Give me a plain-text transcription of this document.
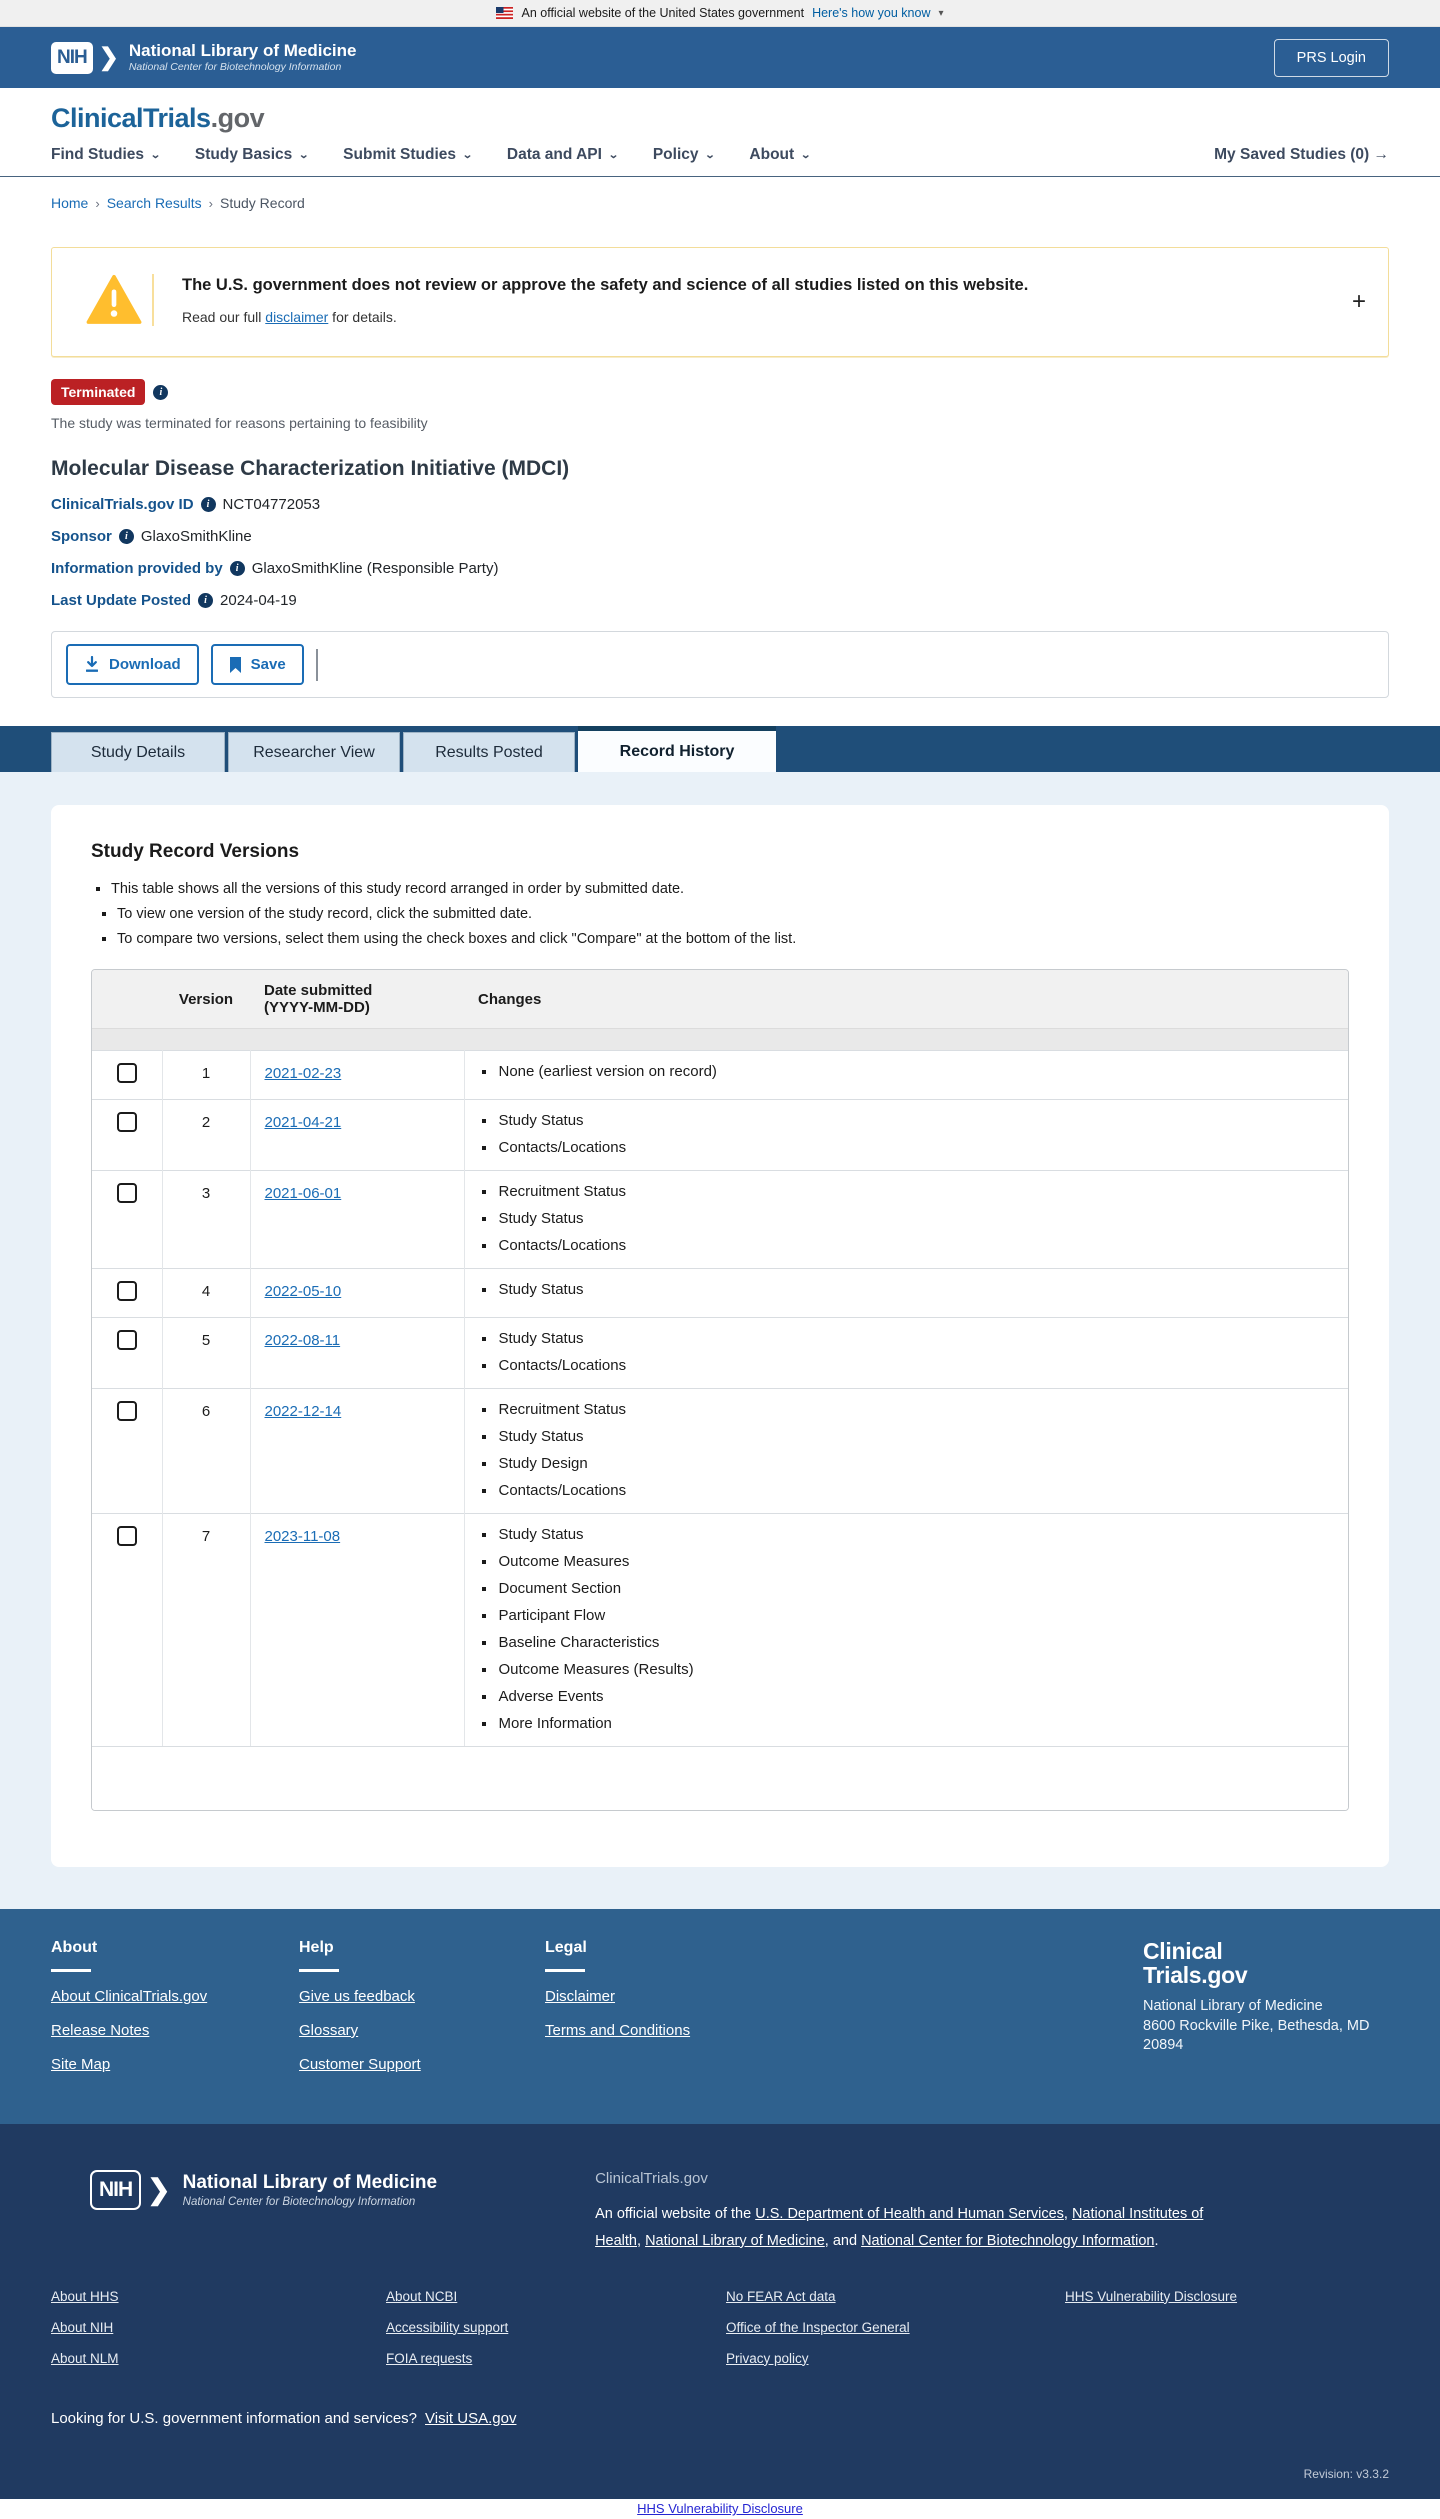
An official website of the United States government Here's how you know ▾
NIH ❯ National Library of Medicine
National Center for Biotechnology Information
PRS Login
ClinicalTrials.gov
Find Studies ⌄ Study Basics ⌄ Submit Studies ⌄ Data and API ⌄ Policy ⌄ About ⌄	My Saved Studies (0) →
Home › Search Results › Study Record
The U.S. government does not review or approve the safety and science of all studies listed on this website.
Read our full disclaimer for details.
+
Terminated	i
The study was terminated for reasons pertaining to feasibility
Molecular Disease Characterization Initiative (MDCI)
ClinicalTrials.gov ID	i NCT04772053
Sponsor	i GlaxoSmithKline
Information provided by	i GlaxoSmithKline (Responsible Party)
Last Update Posted	i 2024-04-19
Download	Save
Study Details	Researcher View	Results Posted	Record History
Study Record Versions
▪ This table shows all the versions of this study record arranged in order by submitted date.
▪ To view one version of the study record, click the submitted date.
▪ To compare two versions, select them using the check boxes and click "Compare" at the bottom of the list.
	Version	Date submitted
(YYYY-MM-DD)	Changes

	1	2021-02-23	
▪None (earliest version on record)

	2	2021-04-21	
▪Study Status
▪ Contacts/Locations

	3	2021-06-01	
▪Recruitment Status
▪ Study Status
▪ Contacts/Locations

	4	2022-05-10	
▪Study Status

	5	2022-08-11	
▪Study Status
▪ Contacts/Locations

	6	2022-12-14	
▪Recruitment Status
▪ Study Status
▪ Study Design
▪ Contacts/Locations

	7	2023-11-08	
▪Study Status
▪ Outcome Measures
▪ Document Section
▪ Participant Flow
▪ Baseline Characteristics
▪ Outcome Measures (Results)
▪ Adverse Events
▪ More Information
About
About ClinicalTrials.gov
Release Notes
Site Map
Help
Give us feedback
Glossary
Customer Support
Legal
Disclaimer
Terms and Conditions
Clinical
Trials.gov
National Library of Medicine
8600 Rockville Pike, Bethesda, MD
20894
NIH ❯ National Library of Medicine
National Center for Biotechnology Information
ClinicalTrials.gov
An official website of the U.S. Department of Health and Human Services, National Institutes of Health, National Library of Medicine, and National Center for Biotechnology Information.
About HHS
About NIH
About NLM
About NCBI
Accessibility support
FOIA requests
No FEAR Act data
Office of the Inspector General
Privacy policy
HHS Vulnerability Disclosure
Looking for U.S. government information and services? Visit USA.gov
Revision: v3.3.2
HHS Vulnerability Disclosure
